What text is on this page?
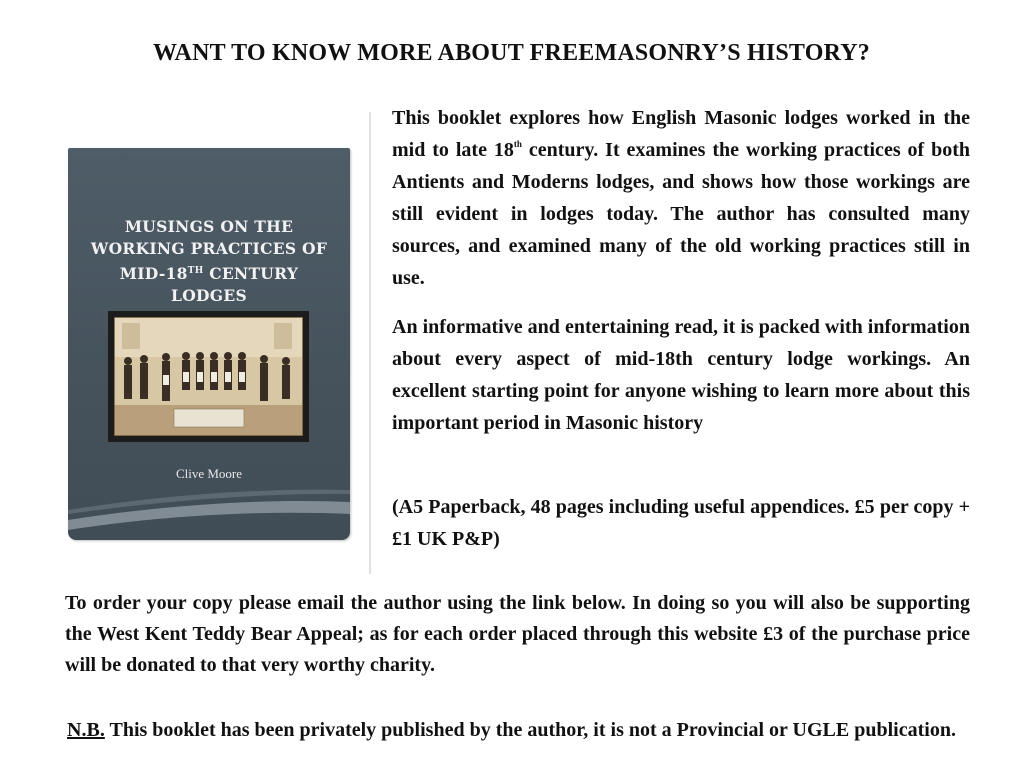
WANT TO KNOW MORE ABOUT FREEMASONRY’S HISTORY?
MUSINGS ON THE
WORKING PRACTICES OF
MID-18TH CENTURY
LODGES
Clive Moore

This booklet explores how English Masonic lodges worked in the mid to late 18th century. It examines the working practices of both Antients and Moderns lodges, and shows how those workings are still evident in lodges today. The author has consulted many sources, and examined many of the old working practices still in use.

An informative and entertaining read, it is packed with information about every aspect of mid-18th century lodge workings. An excellent starting point for anyone wishing to learn more about this important period in Masonic history

(A5 Paperback, 48 pages including useful appendices. £5 per copy + £1 UK P&P)

To order your copy please email the author using the link below. In doing so you will also be supporting the West Kent Teddy Bear Appeal; as for each order placed through this website £3 of the purchase price will be donated to that very worthy charity.

N.B. This booklet has been privately published by the author, it is not a Provincial or UGLE publication.
